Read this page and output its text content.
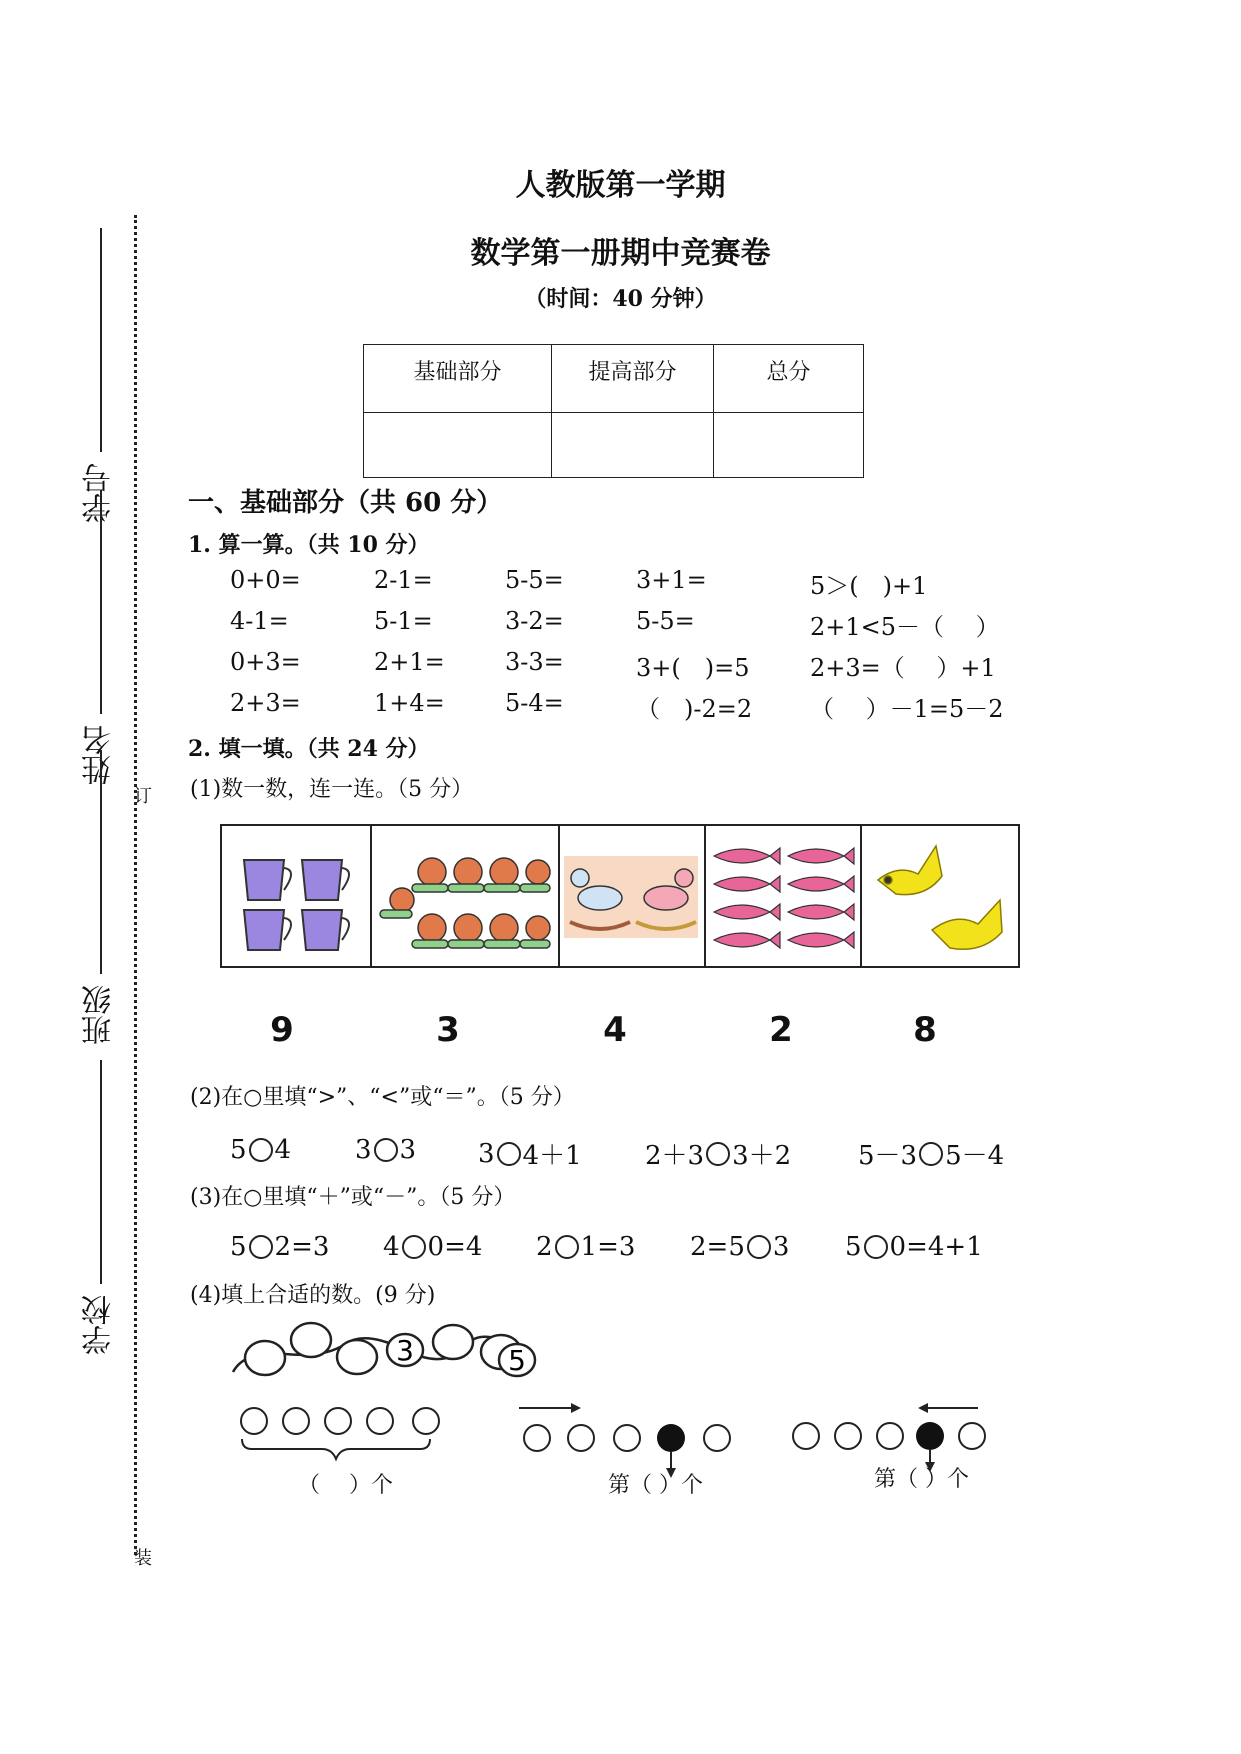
学号
姓名
班级
学校
订
装
人教版第一学期
数学第一册期中竞赛卷
（时间：40 分钟）
基础部分	提高部分	总分

一、基础部分（共 60 分）
1. 算一算。（共 10 分）
0+0=	2-1=	5-5=	3+1=	5＞(　)+1
4-1=	5-1=	3-2=	5-5=	2+1<5－（　 ）
0+3=	2+1=	3-3=	3+(　)=5	2+3=（　 ）+1
2+3=	1+4=	5-4=	（　)-2=2 （　 ）－1=5－2
2. 填一填。（共 24 分）
(1)数一数，连一连。（5 分）
9	3	4	2	8
(2)在○里填“>”、“<”或“＝”。（5 分）
5 4 3 3 3 4＋1 2＋3 3＋2	5－3 5－4
(3)在○里填“＋”或“－”。（5 分）
5 2=3 4 0=4 2 1=3 2=5 3 5 0=4+1
(4)填上合适的数。(9 分)
3	5
（　 ）个	第（ ）个	第（ ）个
